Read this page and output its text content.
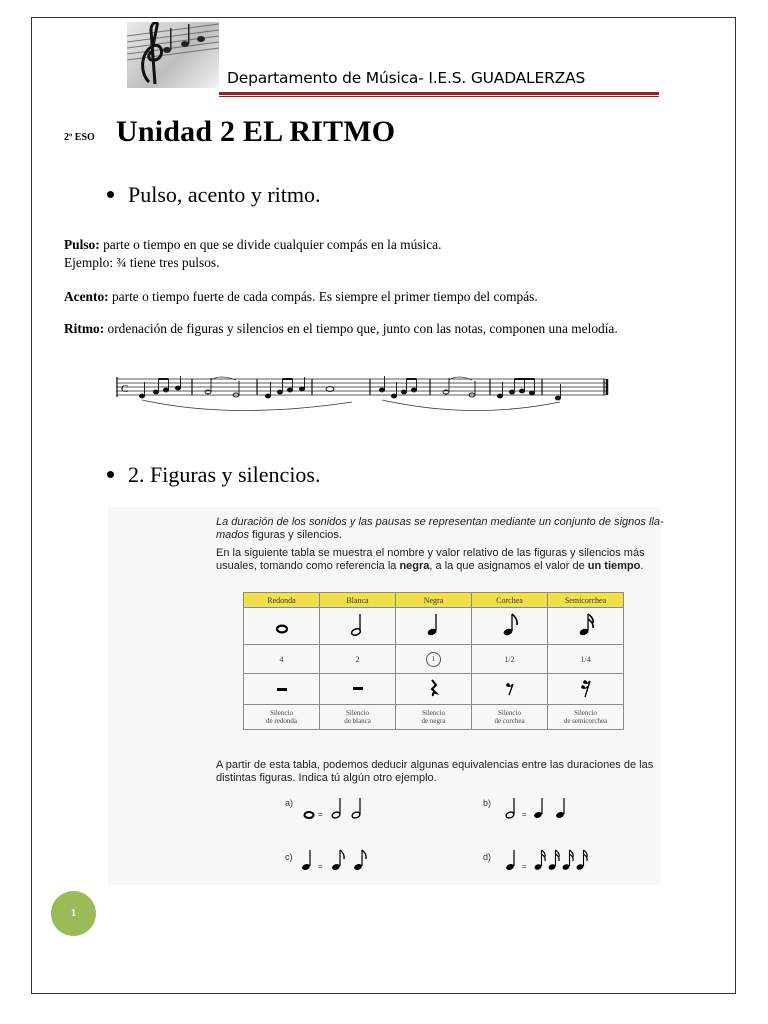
Departamento de Música- I.E.S. GUADALERZAS
2º ESO Unidad 2 EL RITMO
Pulso, acento y ritmo.
Pulso: parte o tiempo en que se divide cualquier compás en la música.
Ejemplo: ¾ tiene tres pulsos.
Acento: parte o tiempo fuerte de cada compás. Es siempre el primer tiempo del compás.
Ritmo: ordenación de figuras y silencios en el tiempo que, junto con las notas, componen una melodía.
C
2. Figuras y silencios.
La duración de los sonidos y las pausas se representan mediante un conjunto de signos lla-
mados figuras y silencios.
En la siguiente tabla se muestra el nombre y valor relativo de las figuras y silencios más
usuales, tomando como referencia la negra, a la que asignamos el valor de un tiempo.
Redonda	Blanca	Negra	Corchea	Semicorchea

4	2	1	1/2	1/4

Silencio
de redonda	Silencio
de blanca	Silencio
de negra	Silencio
de corchea	Silencio
de semicorchea
A partir de esta tabla, podemos deducir algunas equivalencias entre las duraciones de las
distintas figuras. Indica tú algún otro ejemplo.
a)
=
b)
=
c)
=
d)
=
1
